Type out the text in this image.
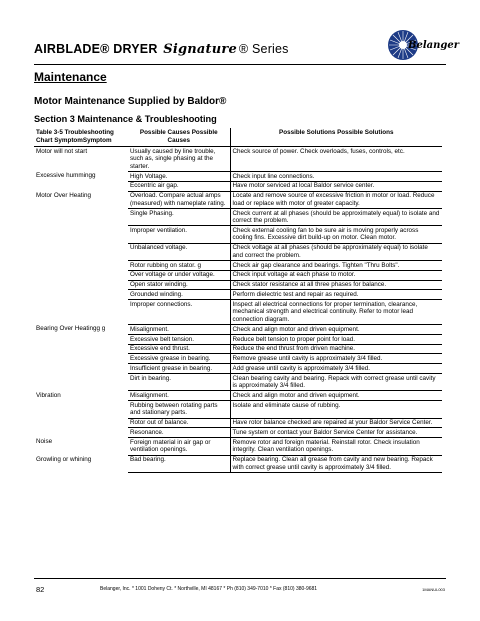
AIRBLADE® DRYER Signature ® Series	Belanger
Maintenance
Motor Maintenance Supplied by Baldor®
Section 3 Maintenance & Troubleshooting
Table 3-5 Troubleshooting Chart SymptomSymptom	Possible Causes Possible Causes	Possible Solutions Possible Solutions
Motor will not start	Usually caused by line trouble, such as, single phasing at the starter.	Check source of power. Check overloads, fuses, controls, etc.
Excessive hummingg	High Voltage.	Check input line connections.
	Eccentric air gap.	Have motor serviced at local Baldor service center.
Motor Over Heating	Overload. Compare actual amps (measured) with nameplate rating.	Locate and remove source of excessive friction in motor or load. Reduce load or replace with motor of greater capacity.
	Single Phasing.	Check current at all phases (should be approximately equal) to isolate and correct the problem.
	Improper ventilation.	Check external cooling fan to be sure air is moving properly across cooling fins. Excessive dirt build-up on motor. Clean motor.
	Unbalanced voltage.	Check voltage at all phases (should be approximately equal) to isolate and correct the problem.
	Rotor rubbing on stator. g	Check air gap clearance and bearings. Tighten "Thru Bolts".
	Over voltage or under voltage.	Check input voltage at each phase to motor.
	Open stator winding.	Check stator resistance at all three phases for balance.
	Grounded winding.	Perform dielectric test and repair as required.
	Improper connections.	Inspect all electrical connections for proper termination, clearance, mechanical strength and electrical continuity. Refer to motor lead connection diagram.
Bearing Over Heatingg g	Misalignment.	Check and align motor and driven equipment.
	Excessive belt tension.	Reduce belt tension to proper point for load.
	Excessive end thrust.	Reduce the end thrust from driven machine.
	Excessive grease in bearing.	Remove grease until cavity is approximately 3/4 filled.
	Insufficient grease in bearing.	Add grease until cavity is approximately 3/4 filled.
	Dirt in bearing.	Clean bearing cavity and bearing. Repack with correct grease until cavity is approximately 3/4 filled.
Vibration	Misalignment.	Check and align motor and driven equipment.
	Rubbing between rotating parts and stationary parts.	Isolate and eliminate cause of rubbing.
	Rotor out of balance.	Have rotor balance checked are repaired at your Baldor Service Center.
	Resonance.	Tune system or contact your Baldor Service Center for assistance.
Noise	Foreign material in air gap or ventilation openings.	Remove rotor and foreign material. Reinstall rotor. Check insulation integrity. Clean ventilation openings.
Growling or whining	Bad bearing.	Replace bearing. Clean all grease from cavity and new bearing. Repack with correct grease until cavity is approximately 3/4 filled.
82	Belanger, Inc. * 1001 Doheny Ct. * Northville, MI 48167 * Ph (810) 349-7010 * Fax (810) 380-9681	1MANUL003
